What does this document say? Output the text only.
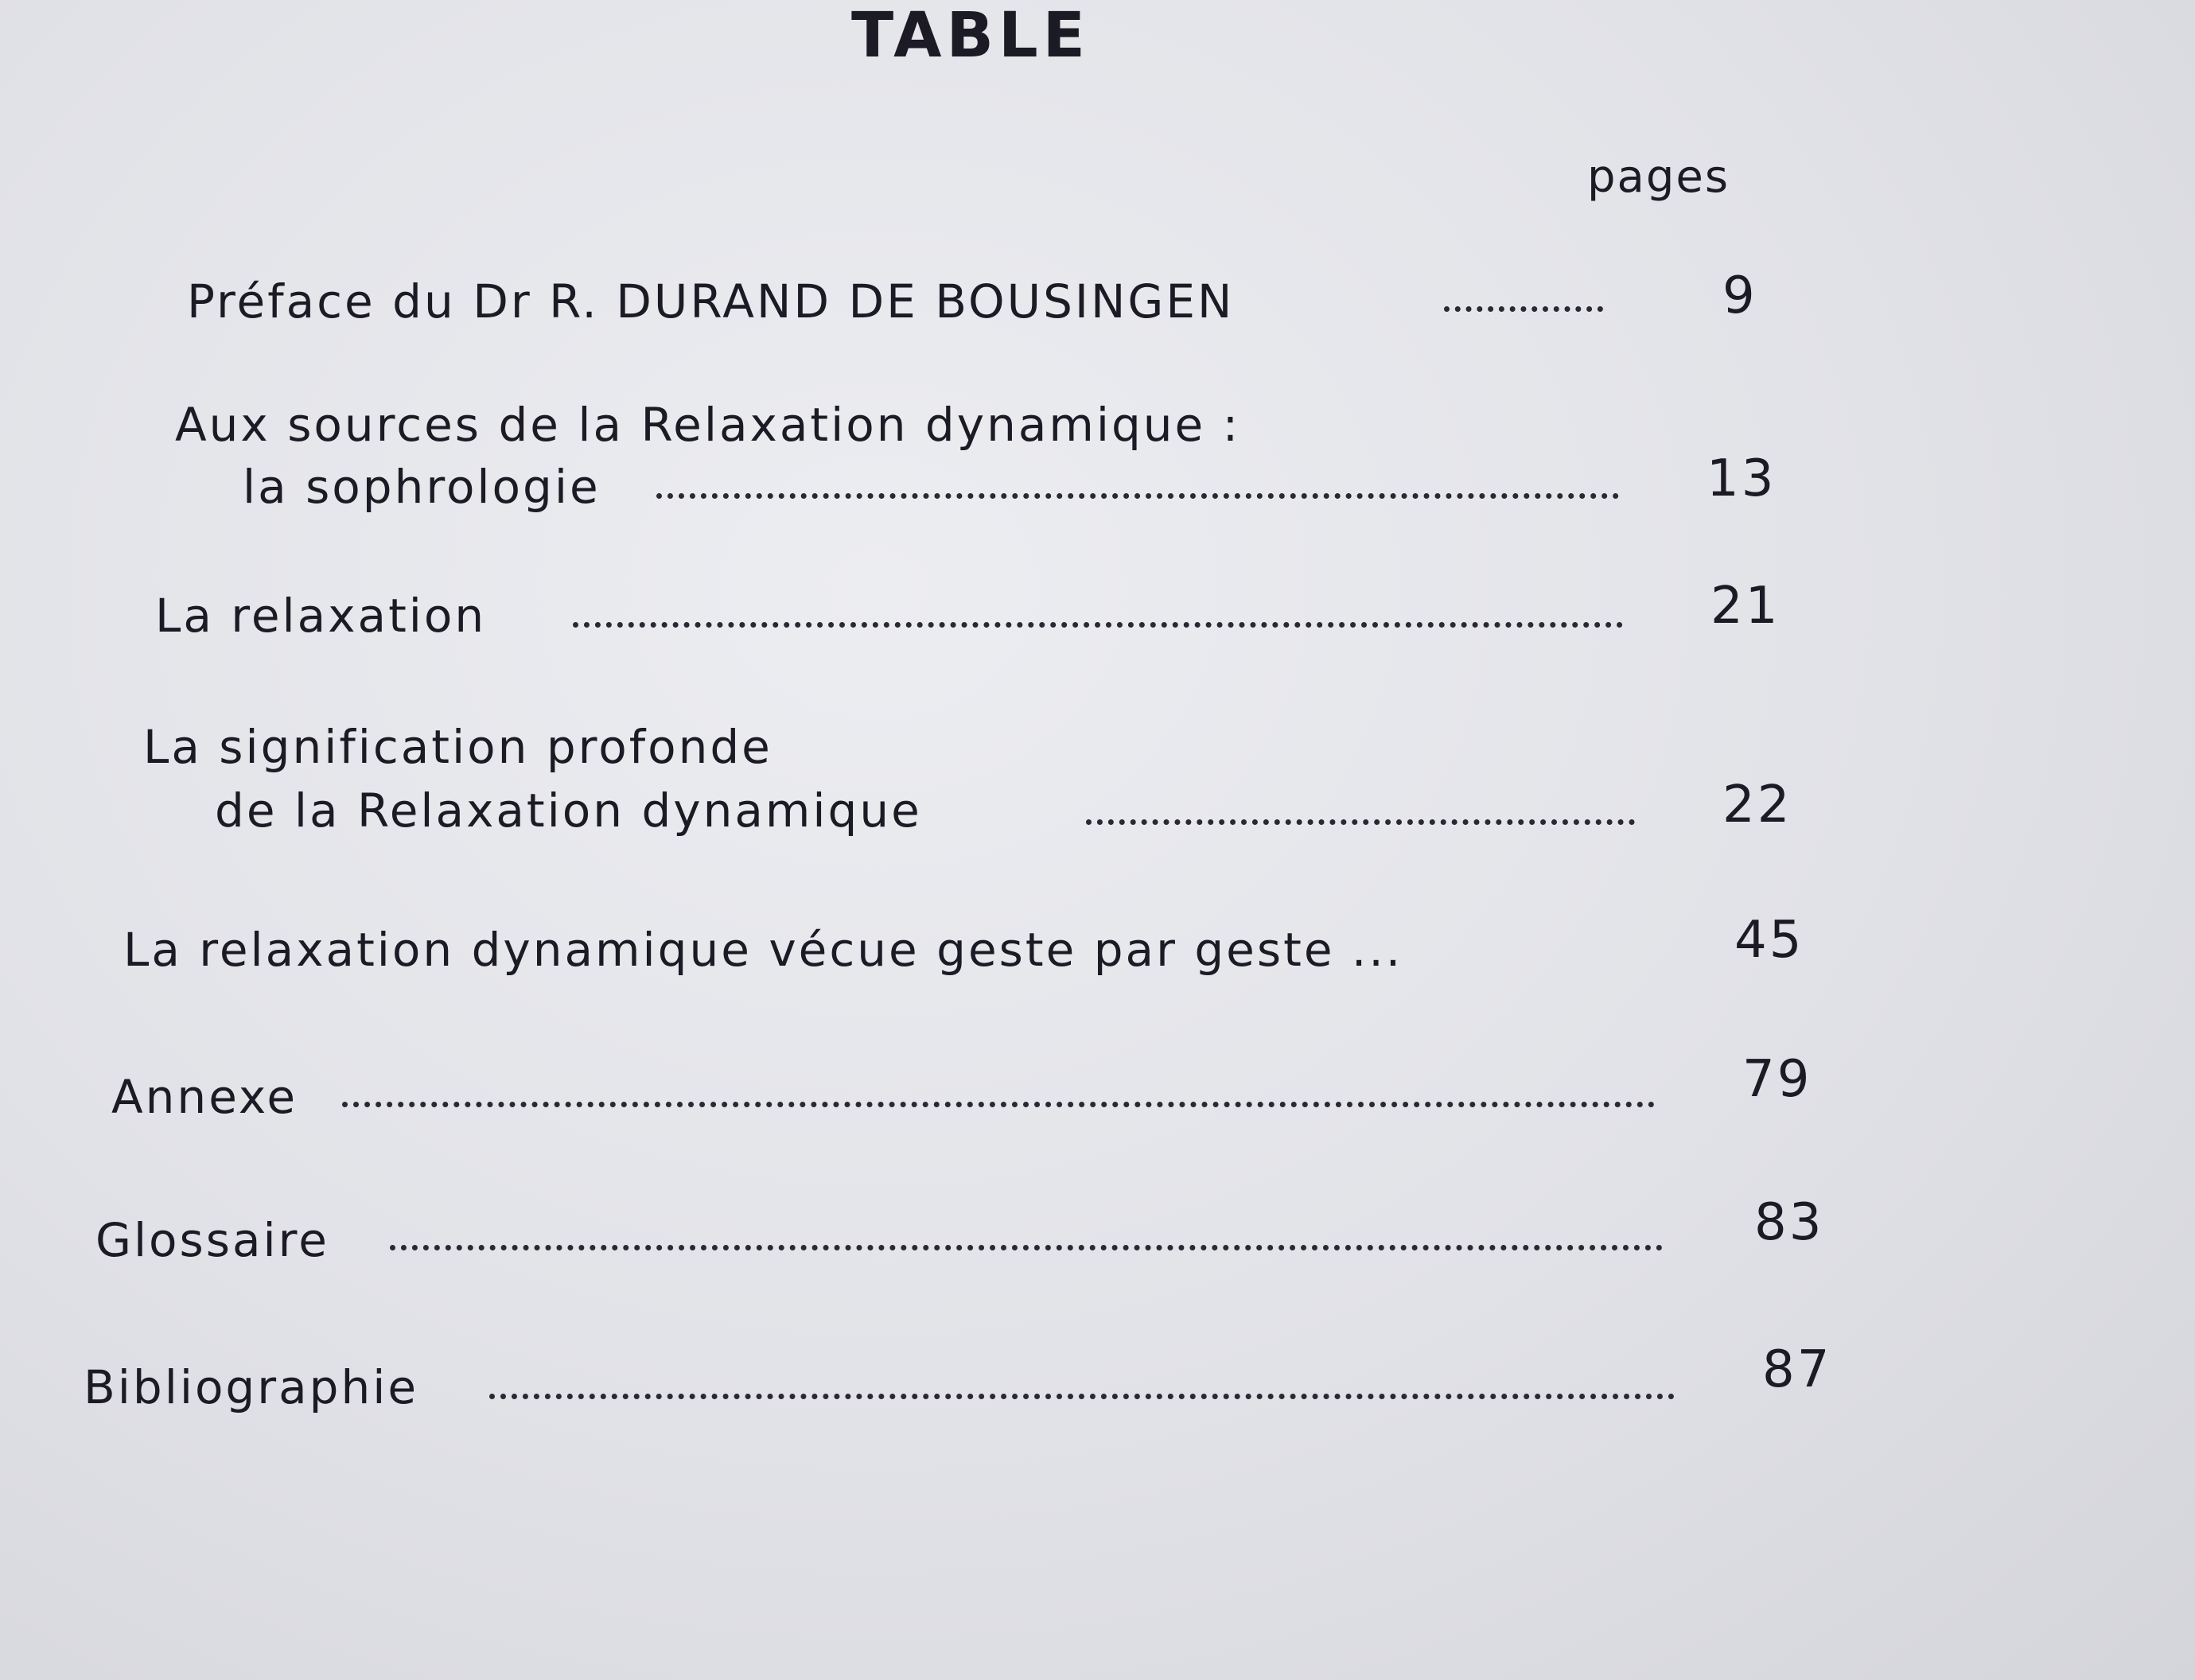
TABLE
pages
Préface du Dr R. DURAND DE BOUSINGEN	9
Aux sources de la Relaxation dynamique :
la sophrologie	13
La relaxation	21
La signification profonde
de la Relaxation dynamique	22
La relaxation dynamique vécue geste par geste ...	45
Annexe	79
Glossaire	83
Bibliographie	87
